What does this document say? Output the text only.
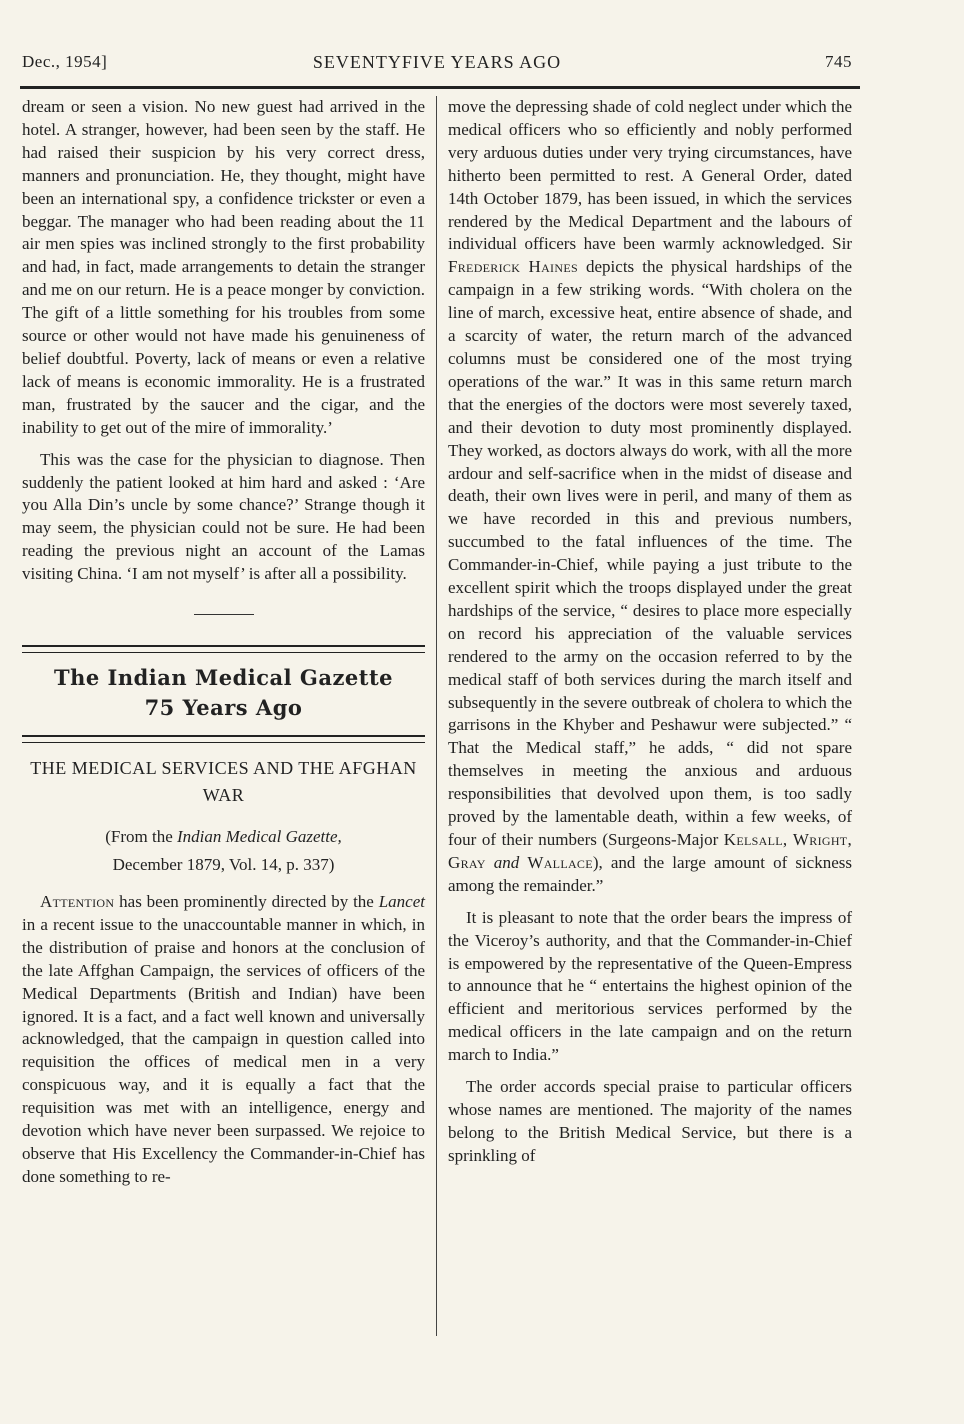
Dec., 1954]	SEVENTYFIVE YEARS AGO	745

dream or seen a vision. No new guest had arrived in the hotel. A stranger, however, had been seen by the staff. He had raised their suspicion by his very correct dress, manners and pronunciation. He, they thought, might have been an international spy, a confidence trickster or even a beggar. The manager who had been reading about the 11 air men spies was inclined strongly to the first probability and had, in fact, made arrangements to detain the stranger and me on our return. He is a peace monger by conviction. The gift of a little something for his troubles from some source or other would not have made his genuineness of belief doubtful. Poverty, lack of means or even a relative lack of means is economic immorality. He is a frustrated man, frustrated by the saucer and the cigar, and the inability to get out of the mire of immorality.’

This was the case for the physician to diagnose. Then suddenly the patient looked at him hard and asked : ‘Are you Alla Din’s uncle by some chance?’ Strange though it may seem, the physician could not be sure. He had been reading the previous night an account of the Lamas visiting China. ‘I am not myself’ is after all a possibility.

The Indian Medical Gazette
75 Years Ago
THE MEDICAL SERVICES AND THE AFGHAN WAR
(From the Indian Medical Gazette,
December 1879, Vol. 14, p. 337)

Attention has been prominently directed by the Lancet in a recent issue to the unaccountable manner in which, in the distribution of praise and honors at the conclusion of the late Affghan Campaign, the services of officers of the Medical Departments (British and Indian) have been ignored. It is a fact, and a fact well known and universally acknowledged, that the campaign in question called into requisition the offices of medical men in a very conspicuous way, and it is equally a fact that the requisition was met with an intelligence, energy and devotion which have never been surpassed. We rejoice to observe that His Excellency the Commander-in-Chief has done something to re-

move the depressing shade of cold neglect under which the medical officers who so efficiently and nobly performed very arduous duties under very trying circumstances, have hitherto been permitted to rest. A General Order, dated 14th October 1879, has been issued, in which the services rendered by the Medical Department and the labours of individual officers have been warmly acknowledged. Sir Frederick Haines depicts the physical hardships of the campaign in a few striking words. “With cholera on the line of march, excessive heat, entire absence of shade, and a scarcity of water, the return march of the advanced columns must be considered one of the most trying operations of the war.” It was in this same return march that the energies of the doctors were most severely taxed, and their devotion to duty most prominently displayed. They worked, as doctors always do work, with all the more ardour and self-sacrifice when in the midst of disease and death, their own lives were in peril, and many of them as we have recorded in this and previous numbers, succumbed to the fatal influences of the time. The Commander-in-Chief, while paying a just tribute to the excellent spirit which the troops displayed under the great hardships of the service, “ desires to place more especially on record his appreciation of the valuable services rendered to the army on the occasion referred to by the medical staff of both services during the march itself and subsequently in the severe outbreak of cholera to which the garrisons in the Khyber and Peshawur were subjected.” “ That the Medical staff,” he adds, “ did not spare themselves in meeting the anxious and arduous responsibilities that devolved upon them, is too sadly proved by the lamentable death, within a few weeks, of four of their numbers (Surgeons-Major Kelsall, Wright, Gray and Wallace), and the large amount of sickness among the remainder.”

It is pleasant to note that the order bears the impress of the Viceroy’s authority, and that the Commander-in-Chief is empowered by the representative of the Queen-Empress to announce that he “ entertains the highest opinion of the efficient and meritorious services performed by the medical officers in the late campaign and on the return march to India.”

The order accords special praise to particular officers whose names are mentioned. The majority of the names belong to the British Medical Service, but there is a sprinkling of
